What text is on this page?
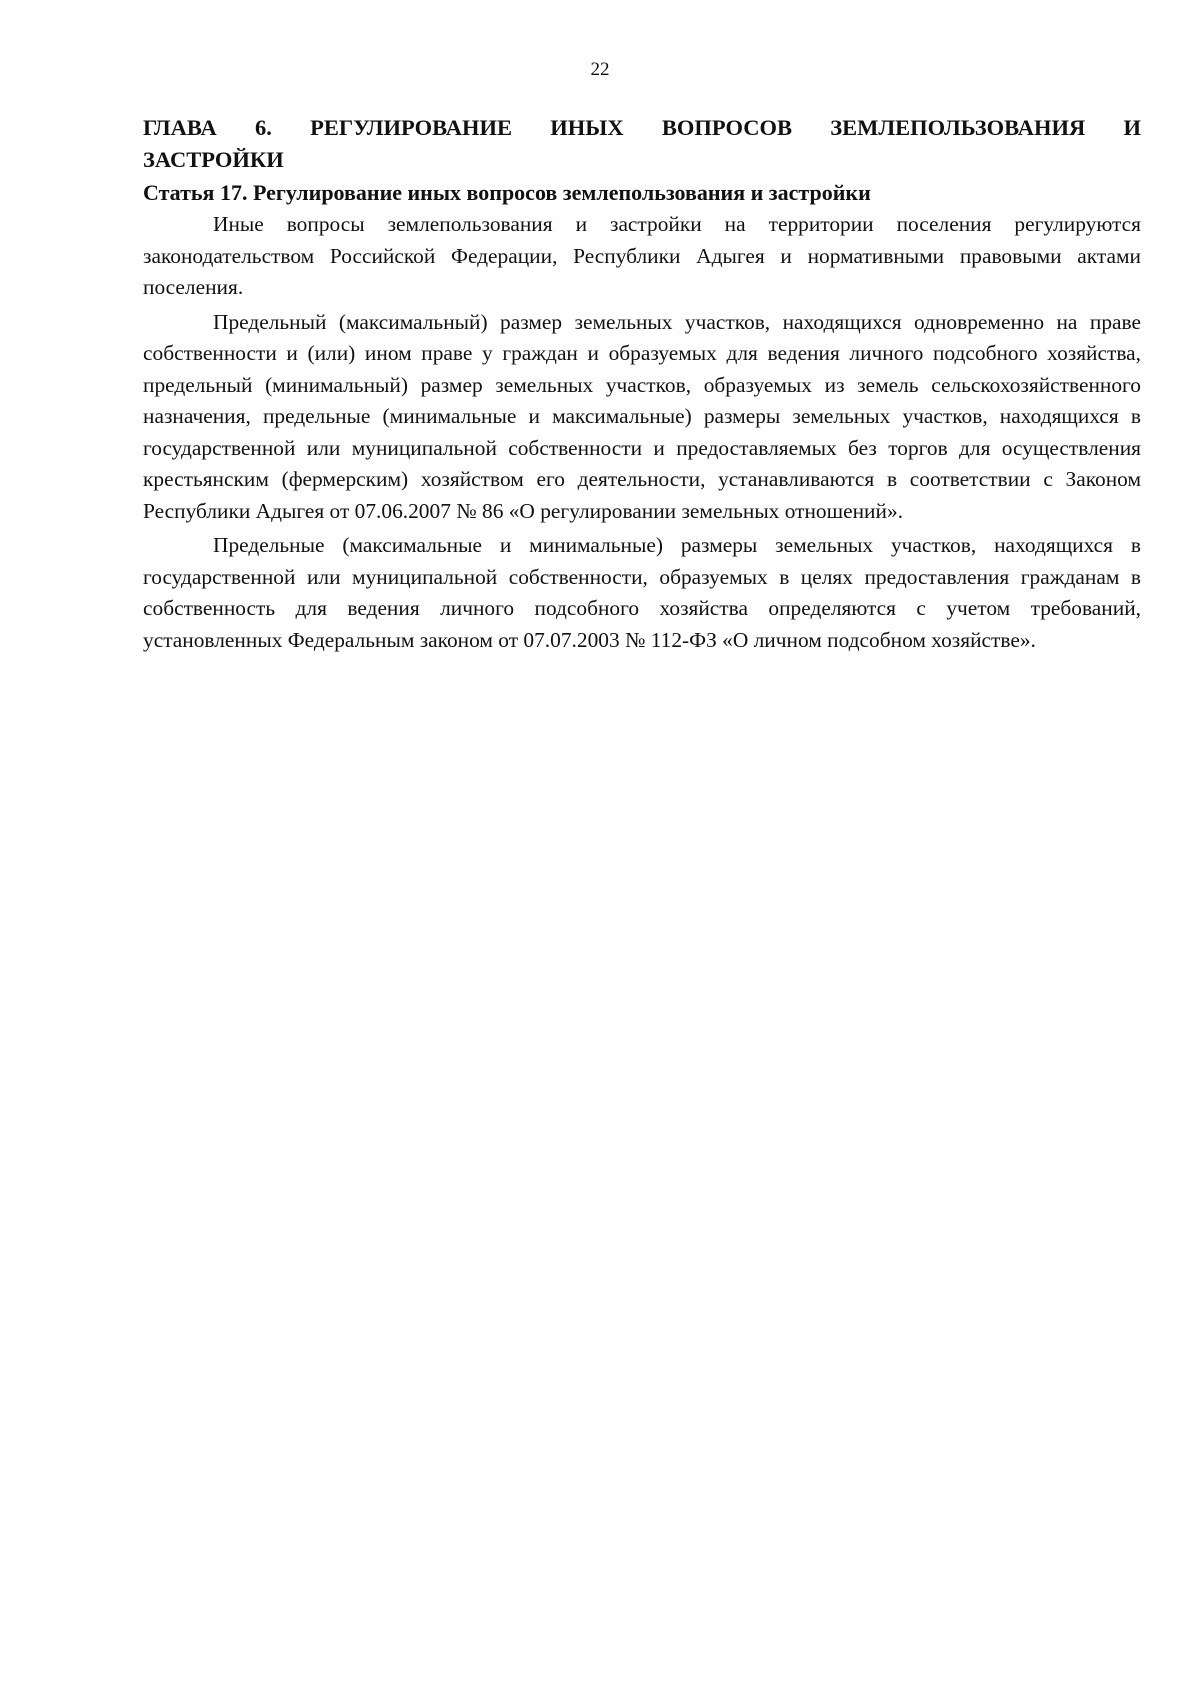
22
ГЛАВА 6. РЕГУЛИРОВАНИЕ ИНЫХ ВОПРОСОВ ЗЕМЛЕПОЛЬЗОВАНИЯ И
ЗАСТРОЙКИ
Статья 17. Регулирование иных вопросов землепользования и застройки

Иные вопросы землепользования и застройки на территории поселения регулируются законодательством Российской Федерации, Республики Адыгея и нормативными правовыми актами поселения.

Предельный (максимальный) размер земельных участков, находящихся одновременно на праве собственности и (или) ином праве у граждан и образуемых для ведения личного подсобного хозяйства, предельный (минимальный) размер земельных участков, образуемых из земель сельскохозяйственного назначения, предельные (минимальные и максимальные) размеры земельных участков, находящихся в государственной или муниципальной собственности и предоставляемых без торгов для осуществления крестьянским (фермерским) хозяйством его деятельности, устанавливаются в соответствии с Законом Республики Адыгея от 07.06.2007 № 86 «О регулировании земельных отношений».

Предельные (максимальные и минимальные) размеры земельных участков, находящихся в государственной или муниципальной собственности, образуемых в целях предоставления гражданам в собственность для ведения личного подсобного хозяйства определяются с учетом требований, установленных Федеральным законом от 07.07.2003 № 112-ФЗ «О личном подсобном хозяйстве».
